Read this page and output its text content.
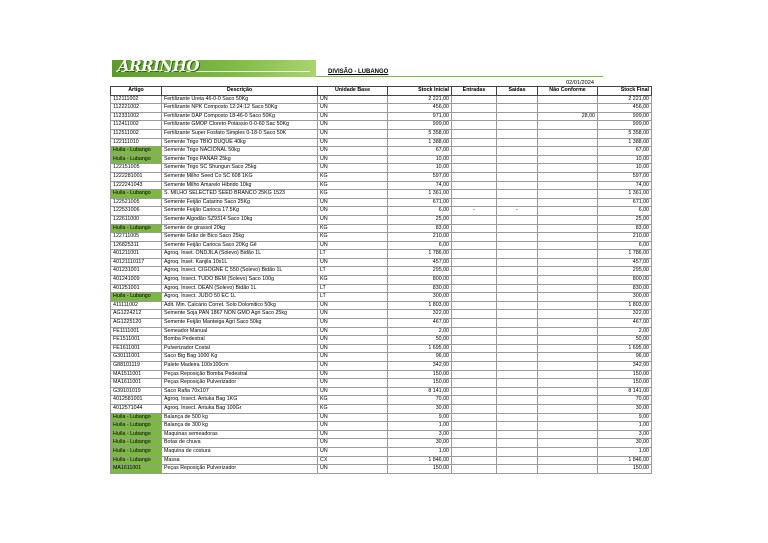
ARRINHO	DIVISÃO - LUBANGO
02/01/2024
Artigo	Descrição	Unidade Base	Stock Inicial	Entradas	Saidas	Não Conforme	Stock Final
112111002	Fertilizante Ureia 46-0-0 Saco 50Kg	UN	2 221,00				2 221,00
112221002	Fertilizante NPK Composto 12:24:12 Saco 50Kg	UN	456,00				456,00
112331002	Fertilizante DAP Composto 18-46-0 Saco 50Kg	UN	971,00			28,00	999,00
112411002	Fertilizante GMOP Cloreto Potássio 0-0-60 Sac 50Kg	UN	999,00				999,00
112511002	Fertilizante Super Fosfato Simples 0-18-0 Saco 50K	UN	5 358,00				5 358,00
122111010	Semente Trigo TBIO DUQUE 40kg	UN	1 388,00				1 388,00
Huíla - Lubango	Semente Trigo NACIONAL 50kg	UN	67,00				67,00
Huíla - Lubango	Semente Trigo PANAR 25kg	UN	10,00				10,00
122151005	Semente Trigo SC Shungun Saco 25kg	UN	10,00				10,00
1222281001	Semente Milho Seed Co SC 608 1KG	KG	597,00				597,00
1222241043	Semente Milho Amarelo Hibrido 10kg	KG	74,00				74,00
Huíla - Lubango	S. MILHO SELECTED SEED BRANCO 25KG 1523	KG	1 361,00				1 361,00
122521005	Semente Feijão Catarino Saco 25Kg	UN	671,00				671,00
122531006	Semente Feijão Carioca 17.5Kg	UN	6,00	-	-		6,00
122611000	Semente Algodão SZ9314 Saco 10kg	UN	25,00				25,00
Huíla - Lubango	Semente de girassol 20kg	KG	83,00				83,00
122711005	Semente Grão de Bico Saco 25kg	KG	210,00				210,00
126825311	Semente Feijão Carioca Saco 20Kg Gê	UN	6,00				6,00
401211001	Agroq. Inset. ONDJILA (Solevo) Bidão 1L	LT	1 786,00				1 786,00
40121110117	Agroq. Inset. Kanjila 10x1L	UN	457,00				457,00
401231001	Agroq. Insect. CIGOGNE C 550 (Solevo) Bidão 1L	LT	295,00				295,00
401241009	Agroq. Insect. TUDO BEM (Solevo) Saco 100g	KG	800,00				800,00
401251001	Agroq. Insect. DEAN (Solevo) Bidão 1L	LT	830,00				830,00
Huíla - Lubango	Agroq. Insect. JUDO 50 EC 1L	LT	300,00				300,00
411111002	Adit. Min. Calcário Corret. Solo Dolomitico 50kg	UN	1 803,00				1 803,00
AG1224212	Semente Soja PAN 1867 NON GMO Agri Saco 25kg	UN	322,00				322,00
AG1225120	Semente Feijão Manteiga Agri Saco 50kg	UN	467,00				467,00
FE1111001	Semeador Manual	UN	2,00				2,00
FE1511001	Bomba Pedestral	UN	50,00				50,00
FE1611001	Pulverizador Costal	UN	1 695,00				1 695,00
G30111001	Saco Big Bag 1000 Kg	UN	96,00				96,00
G88101119	Palete Madeira 100x100cm	UN	342,00				342,00
MA1511001	Peças Reposição Bomba Pedestral	UN	150,00				150,00
MA1611001	Peças Reposição Pulverizador	UN	150,00				150,00
G39101019	Saco Rafia 70x107	UN	8 141,00				8 141,00
4012581001	Agroq. Insect. Antuka Bag 1KG	KG	70,00				70,00
4012571044	Agroq. Insect. Antuka Bag 100Gr	KG	30,00				30,00
Huíla - Lubango	Balança de 500 kg	UN	9,00				9,00
Huíla - Lubango	Balança de 300 kg	UN	1,00				1,00
Huíla - Lubango	Maquinas semeadoras	UN	3,00				3,00
Huíla - Lubango	Botas de chuva	UN	30,00				30,00
Huíla - Lubango	Maquina de costura	UN	1,00				1,00
Huíla - Lubango	Massa	CX	1 846,00				1 846,00
MA1611001	Peças Reposição Pulverizador	UN	150,00				150,00
